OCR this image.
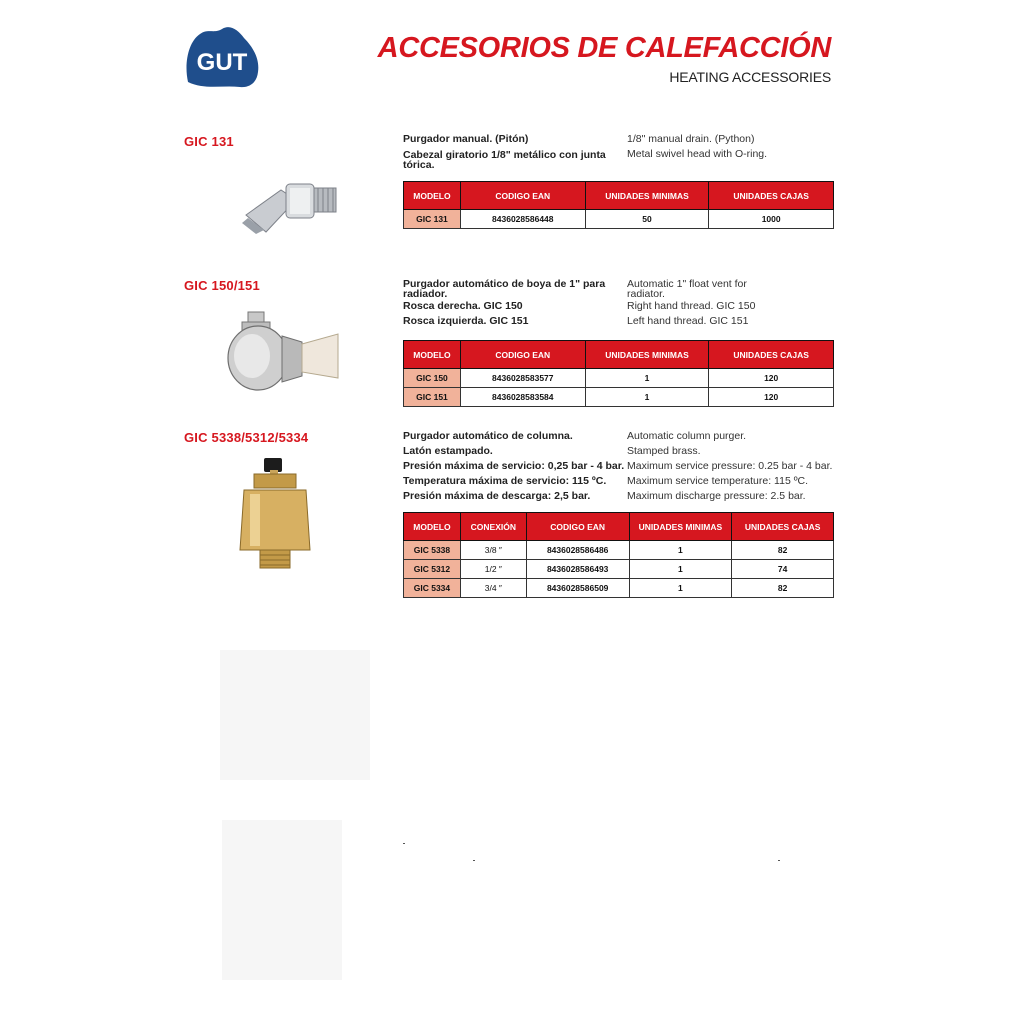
GUT	ACCESORIOS DE CALEFACCIÓN
HEATING ACCESSORIES
GIC 131	Purgador manual. (Pitón)	1/8" manual drain. (Python)
Cabezal giratorio 1/8" metálico con junta tórica.
Metal swivel head with O-ring.
MODELO	CODIGO EAN	UNIDADES MINIMAS	UNIDADES CAJAS
GIC 131	8436028586448	50	1000
GIC 150/151	Purgador automático de boya de 1" para radiador.
Automatic 1" float vent for radiator.
Rosca derecha. GIC 150	Right hand thread. GIC 150
Rosca izquierda. GIC 151	Left hand thread. GIC 151
MODELO	CODIGO EAN	UNIDADES MINIMAS	UNIDADES CAJAS
GIC 150	8436028583577	1	120
GIC 151	8436028583584	1	120
GIC 5338/5312/5334	Purgador automático de columna.	Automatic column purger.
Latón estampado.	Stamped brass.
Presión máxima de servicio: 0,25 bar - 4 bar. Maximum service pressure: 0.25 bar - 4 bar.
Temperatura máxima de servicio: 115 ºC.	Maximum service temperature: 115 ºC.
Presión máxima de descarga: 2,5 bar.	Maximum discharge pressure: 2.5 bar.
MODELO	CONEXIÓN	CODIGO EAN	UNIDADES MINIMAS	UNIDADES CAJAS
GIC 5338	3/8 ″	8436028586486	1	82
GIC 5312	1/2 ″	8436028586493	1	74
GIC 5334	3/4 ″	8436028586509	1	82
